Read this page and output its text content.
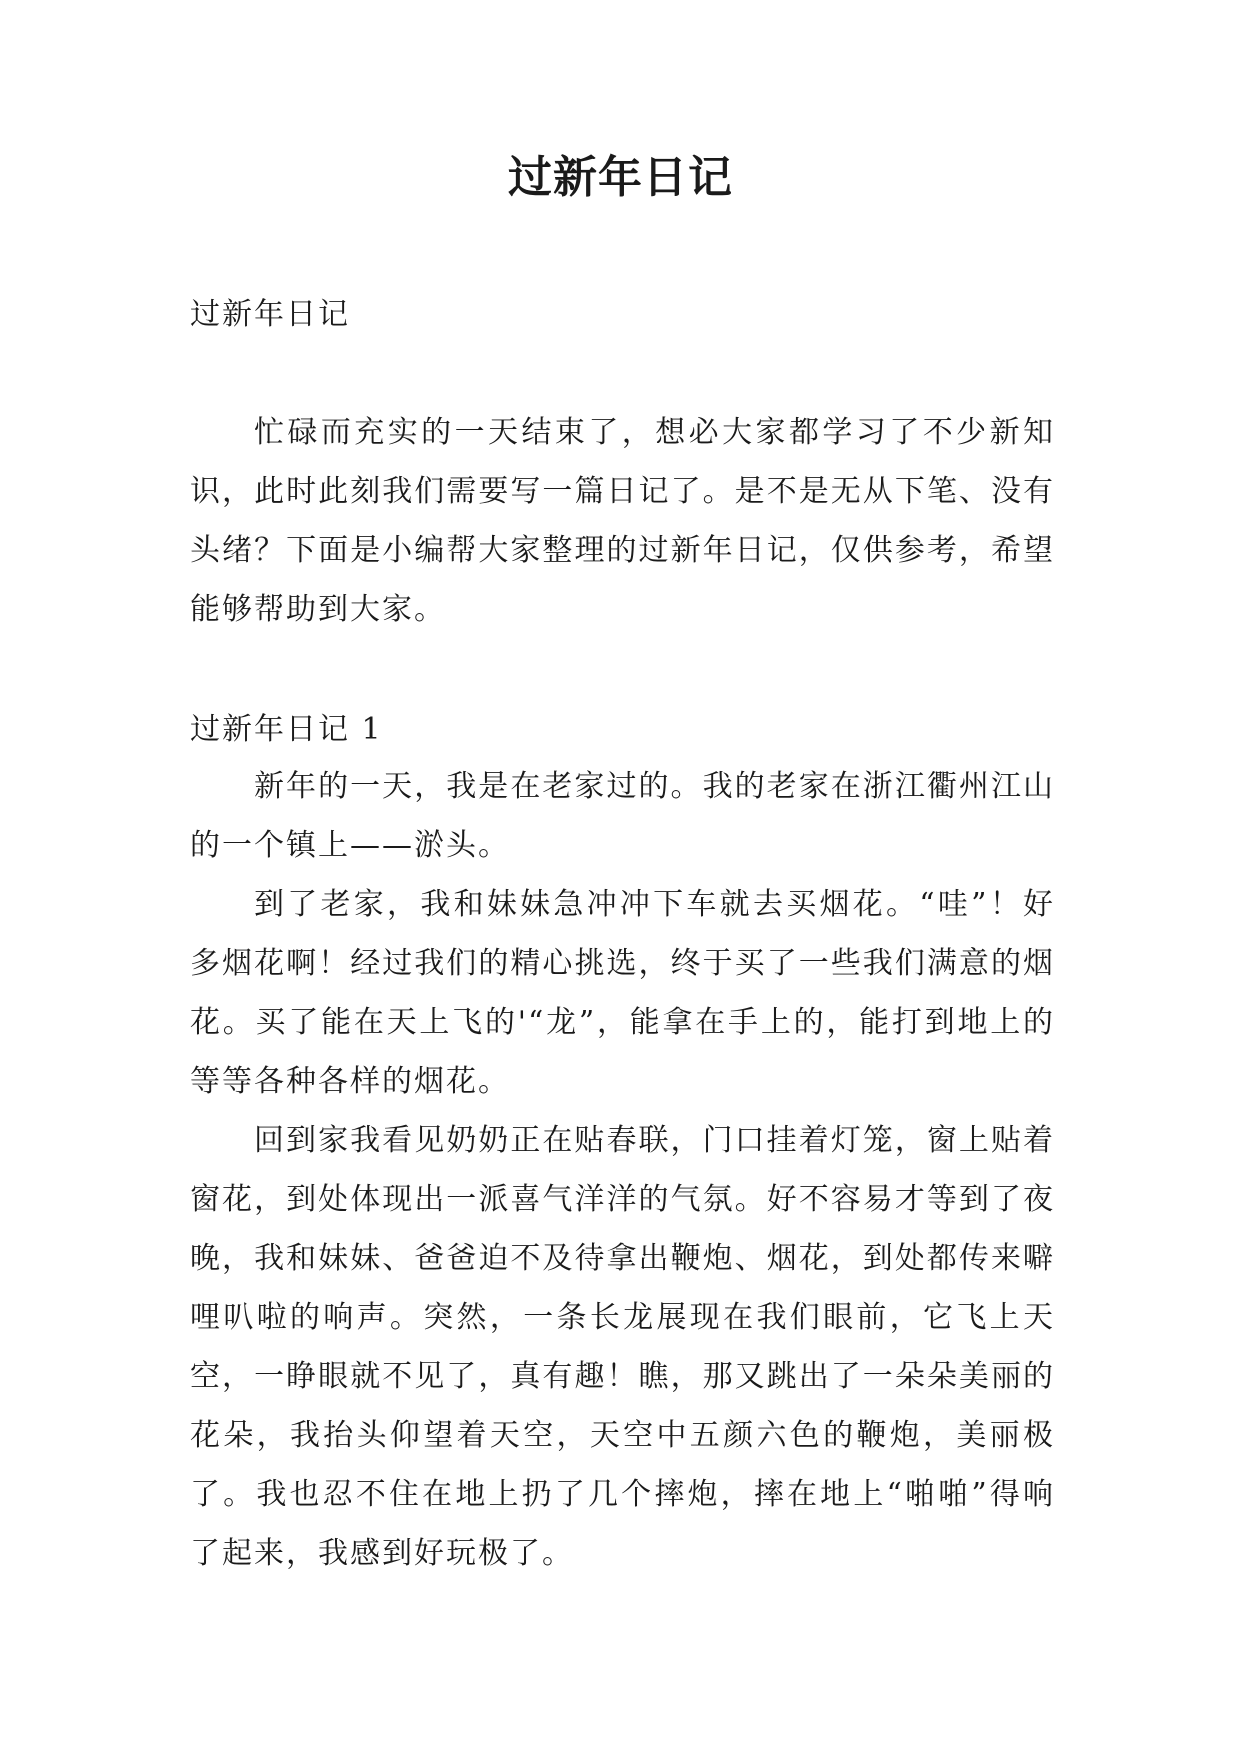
过新年日记

过新年日记

忙碌而充实的一天结束了，想必大家都学习了不少新知识，此时此刻我们需要写一篇日记了。是不是无从下笔、没有头绪？下面是小编帮大家整理的过新年日记，仅供参考，希望能够帮助到大家。

过新年日记 1

新年的一天，我是在老家过的。我的老家在浙江衢州江山的一个镇上——淤头。

到了老家，我和妹妹急冲冲下车就去买烟花。“哇”！好多烟花啊！经过我们的精心挑选，终于买了一些我们满意的烟花。买了能在天上飞的'“龙”，能拿在手上的，能打到地上的等等各种各样的烟花。

回到家我看见奶奶正在贴春联，门口挂着灯笼，窗上贴着窗花，到处体现出一派喜气洋洋的气氛。好不容易才等到了夜晚，我和妹妹、爸爸迫不及待拿出鞭炮、烟花，到处都传来噼哩叭啦的响声。突然，一条长龙展现在我们眼前，它飞上天空，一睁眼就不见了，真有趣！瞧，那又跳出了一朵朵美丽的花朵，我抬头仰望着天空，天空中五颜六色的鞭炮，美丽极了。我也忍不住在地上扔了几个摔炮，摔在地上“啪啪”得响了起来，我感到好玩极了。
